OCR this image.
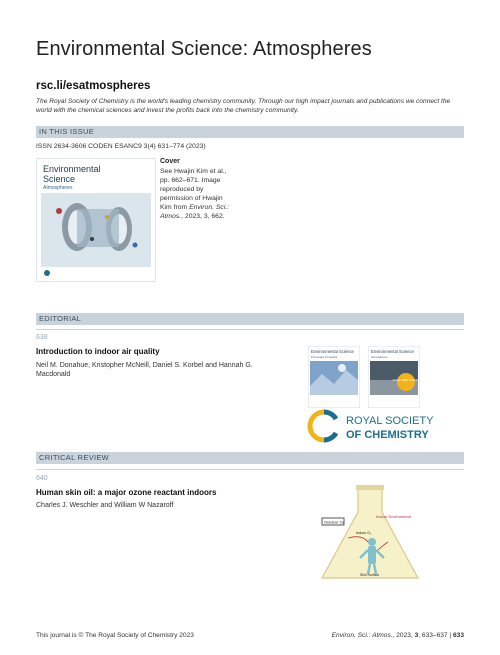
Environmental Science: Atmospheres
rsc.li/esatmospheres
The Royal Society of Chemistry is the world's leading chemistry community. Through our high impact journals and publications we connect the world with the chemical sciences and invest the profits back into the chemistry community.
IN THIS ISSUE
ISSN 2634-3606 CODEN ESANC9 3(4) 631–774 (2023)
Environmental
Science
Atmospheres
Cover
See Hwajin Kim et al., pp. 662–671. Image reproduced by permission of Hwajin Kim from Environ. Sci.: Atmos., 2023, 3, 662.
EDITORIAL
638
Introduction to indoor air quality
Neil M. Donahue, Kristopher McNeill, Daniel S. Korbel and Hannah G. Macdonald
Environmental Science
Processes & Impacts
Environmental Science
Atmospheres
GOLD OPEN ACCESS
ROYAL SOCIETY
OF CHEMISTRY
CRITICAL REVIEW
640
Human skin oil: a major ozone reactant indoors
Charles J. Weschler and William W Nazaroff
Indoor Environment
Outdoor O₃
Indoor O₃
Skin Surface
This journal is © The Royal Society of Chemistry 2023	Environ. Sci.: Atmos., 2023, 3, 633–637 | 633
